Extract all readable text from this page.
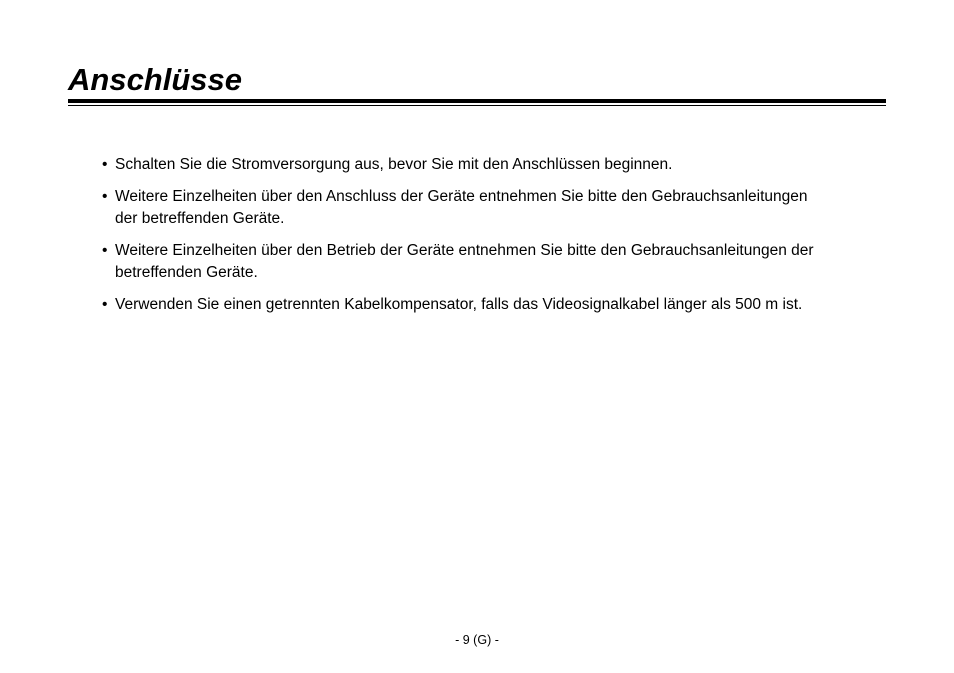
Anschlüsse
• Schalten Sie die Stromversorgung aus, bevor Sie mit den Anschlüssen beginnen.
• Weitere Einzelheiten über den Anschluss der Geräte entnehmen Sie bitte den Gebrauchsanleitungen der betreffenden Geräte.
• Weitere Einzelheiten über den Betrieb der Geräte entnehmen Sie bitte den Gebrauchsanleitungen der betreffenden Geräte.
• Verwenden Sie einen getrennten Kabelkompensator, falls das Videosignalkabel länger als 500 m ist.
- 9 (G) -
